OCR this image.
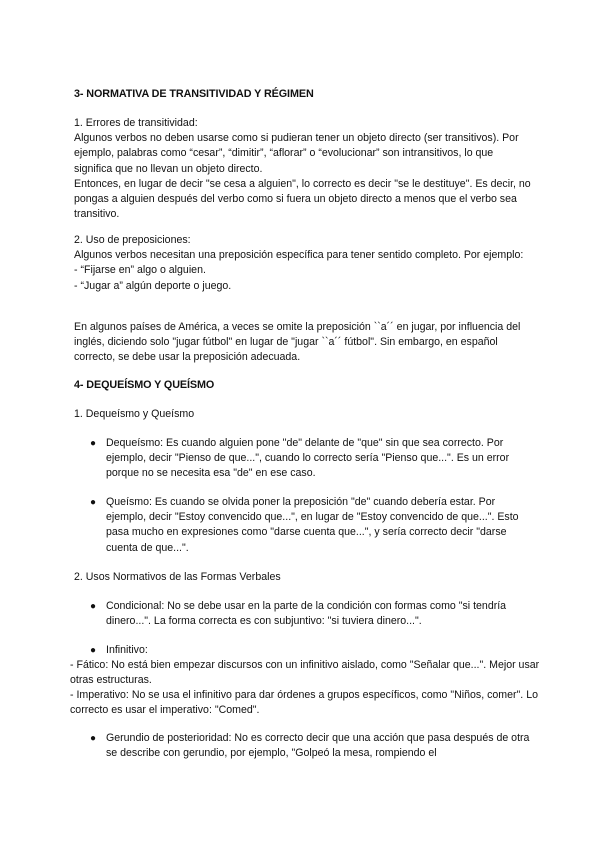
3- NORMATIVA DE TRANSITIVIDAD Y RÉGIMEN

1. Errores de transitividad:

Algunos verbos no deben usarse como si pudieran tener un objeto directo (ser transitivos). Por ejemplo, palabras como “cesar”, “dimitir”, “aflorar” o “evolucionar” son intransitivos, lo que significa que no llevan un objeto directo.

Entonces, en lugar de decir "se cesa a alguien", lo correcto es decir "se le destituye". Es decir, no pongas a alguien después del verbo como si fuera un objeto directo a menos que el verbo sea transitivo.

2. Uso de preposiciones:

Algunos verbos necesitan una preposición específica para tener sentido completo. Por ejemplo:

- “Fijarse en” algo o alguien.

- “Jugar a” algún deporte o juego.

En algunos países de América, a veces se omite la preposición ``a´´ en jugar, por influencia del inglés, diciendo solo "jugar fútbol" en lugar de "jugar ``a´´ fútbol". Sin embargo, en español correcto, se debe usar la preposición adecuada.
4- DEQUEÍSMO Y QUEÍSMO
1. Dequeísmo y Queísmo
● Dequeísmo: Es cuando alguien pone "de" delante de "que" sin que sea correcto. Por ejemplo, decir "Pienso de que...", cuando lo correcto sería "Pienso que...". Es un error porque no se necesita esa "de" en ese caso.
● Queísmo: Es cuando se olvida poner la preposición "de" cuando debería estar. Por ejemplo, decir "Estoy convencido que...", en lugar de "Estoy convencido de que...". Esto pasa mucho en expresiones como "darse cuenta que...", y sería correcto decir "darse cuenta de que...".
2. Usos Normativos de las Formas Verbales
● Condicional: No se debe usar en la parte de la condición con formas como "si tendría dinero...". La forma correcta es con subjuntivo: "si tuviera dinero...".
● Infinitivo:
- Fático: No está bien empezar discursos con un infinitivo aislado, como "Señalar que...". Mejor usar otras estructuras.
- Imperativo: No se usa el infinitivo para dar órdenes a grupos específicos, como "Niños, comer". Lo correcto es usar el imperativo: "Comed".
● Gerundio de posterioridad: No es correcto decir que una acción que pasa después de otra se describe con gerundio, por ejemplo, "Golpeó la mesa, rompiendo el
